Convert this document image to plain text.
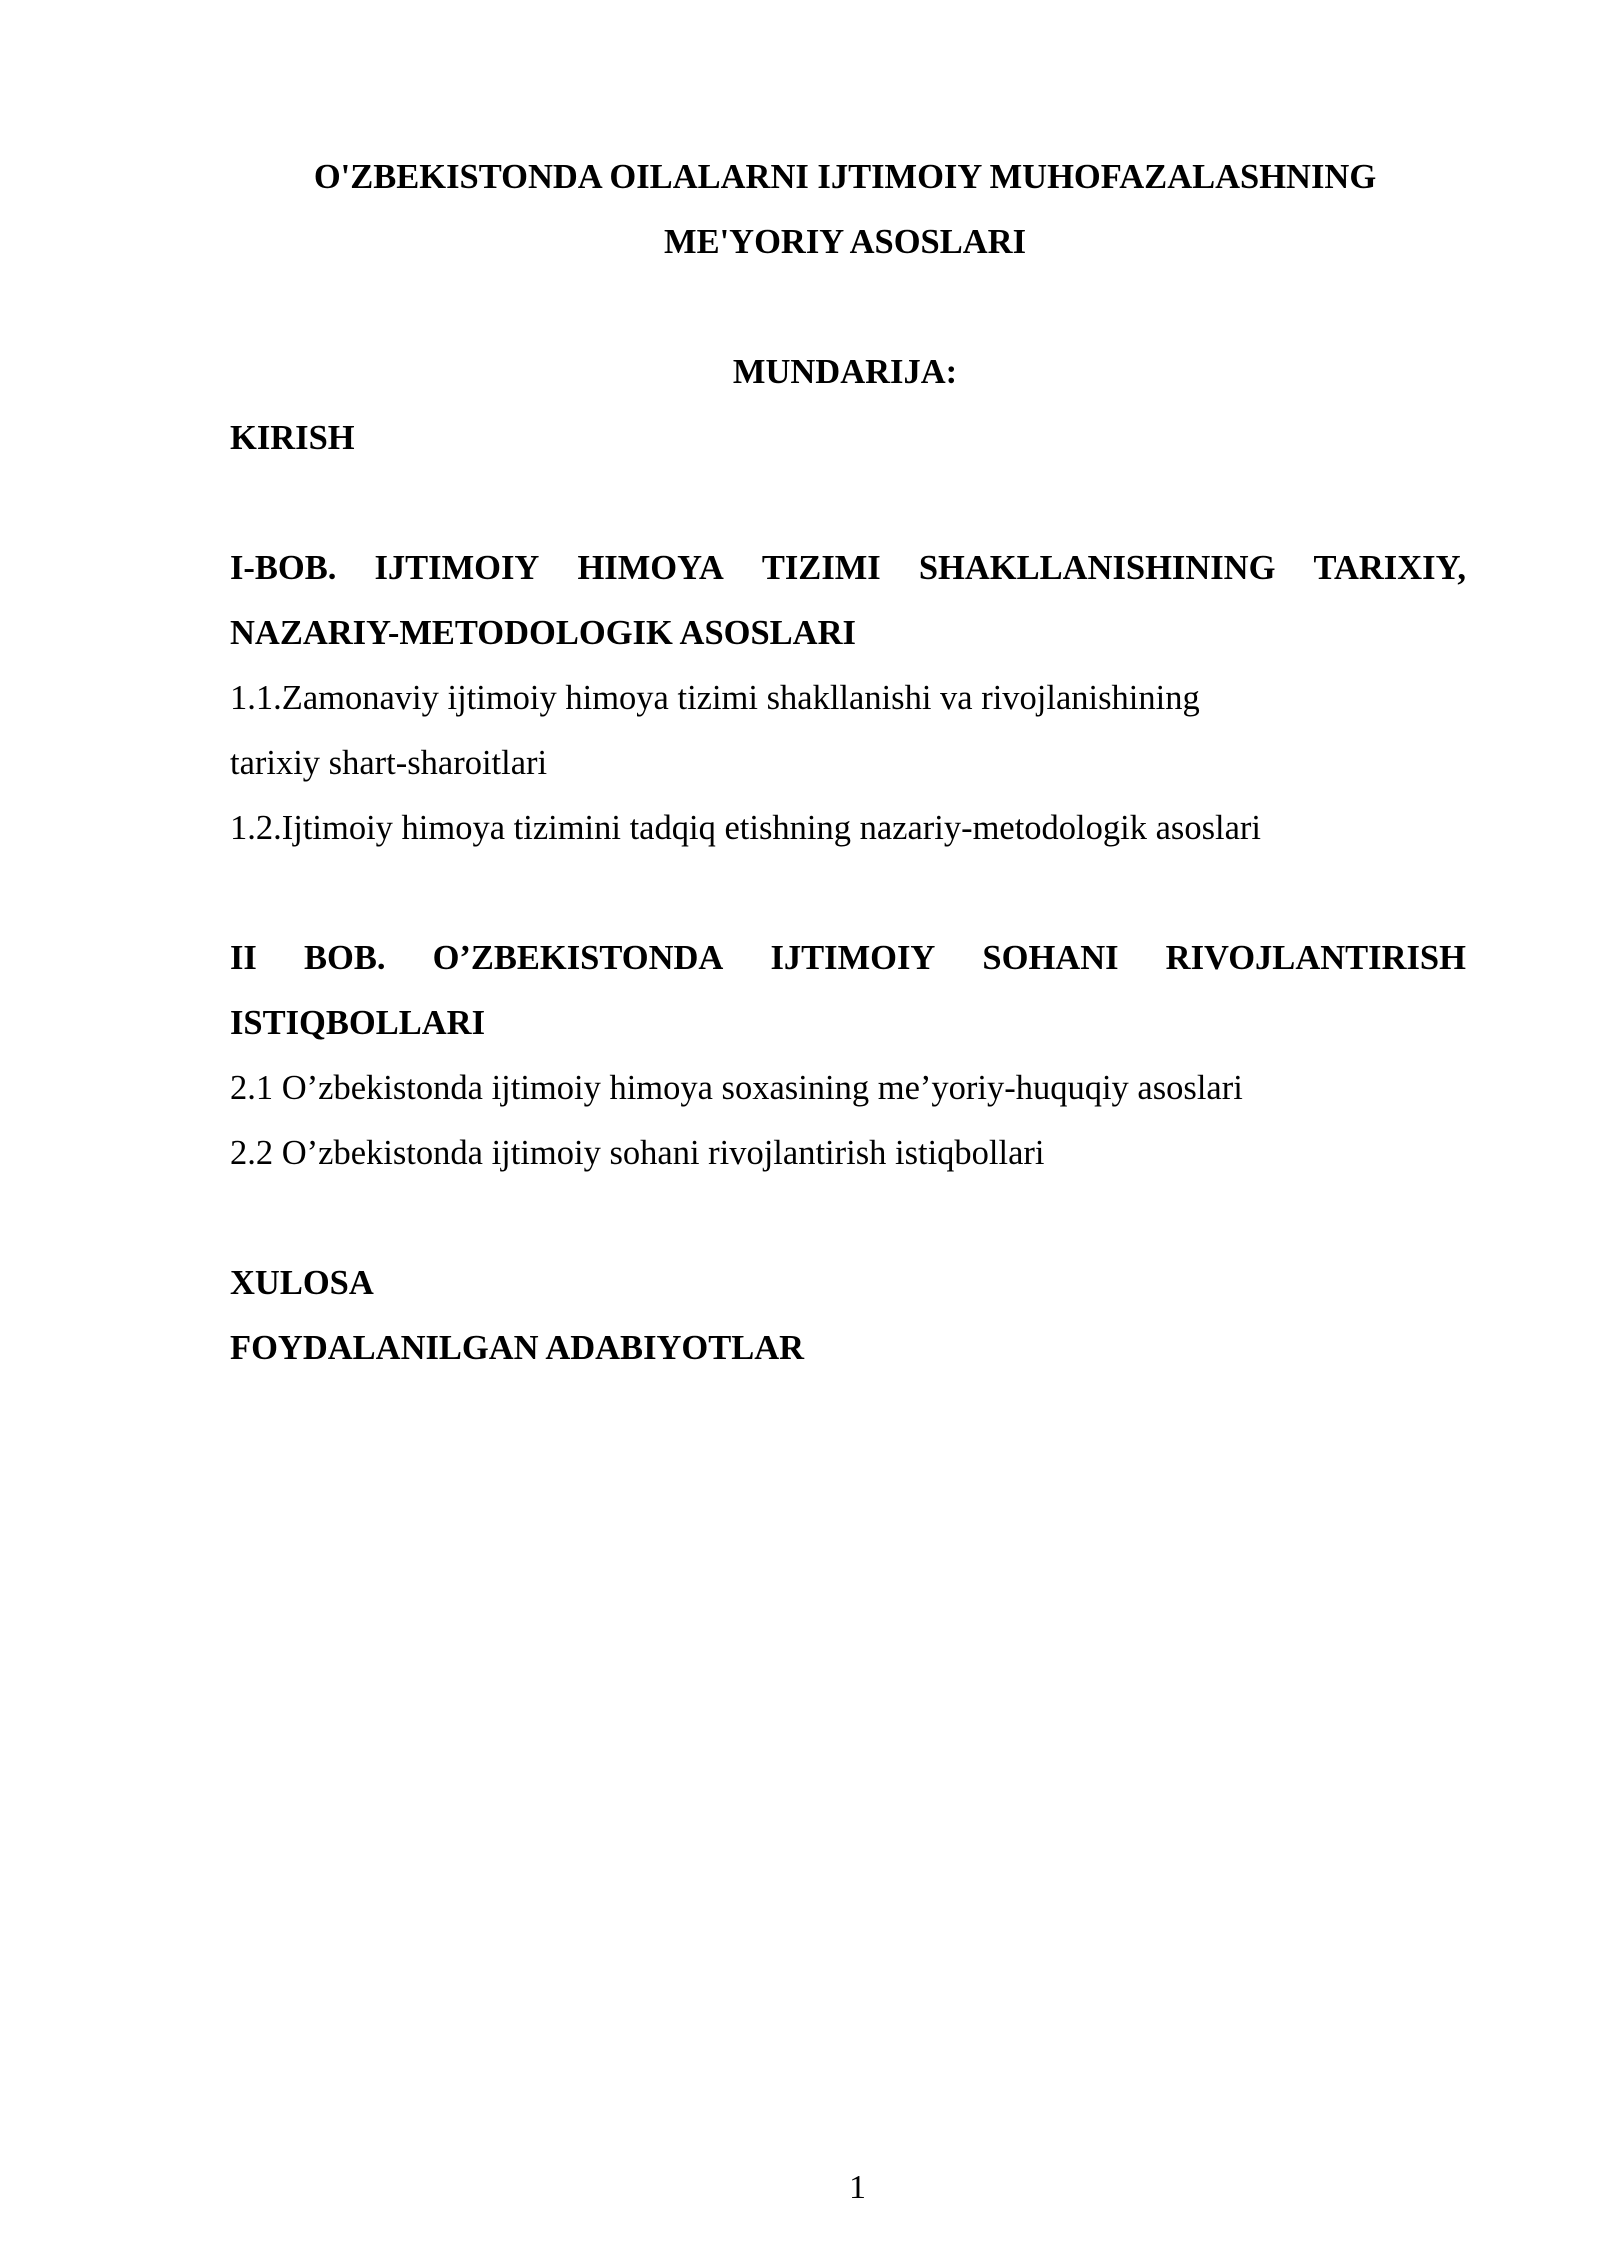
O'ZBEKISTONDA OILALARNI IJTIMOIY MUHOFAZALASHNING
ME'YORIY ASOSLARI
MUNDARIJA:
KIRISH
I-BOB. IJTIMOIY HIMOYA TIZIMI SHAKLLANISHINING TARIXIY,
NAZARIY-METODOLOGIK ASOSLARI
1.1.Zamonaviy ijtimoiy himoya tizimi shakllanishi va rivojlanishining
tarixiy shart-sharoitlari
1.2.Ijtimoiy himoya tizimini tadqiq etishning nazariy-metodologik asoslari
II BOB. O’ZBEKISTONDA IJTIMOIY SOHANI RIVOJLANTIRISH
ISTIQBOLLARI
2.1 O’zbekistonda ijtimoiy himoya soxasining me’yoriy-huquqiy asoslari
2.2 O’zbekistonda ijtimoiy sohani rivojlantirish istiqbollari
XULOSA
FOYDALANILGAN ADABIYOTLAR
1
